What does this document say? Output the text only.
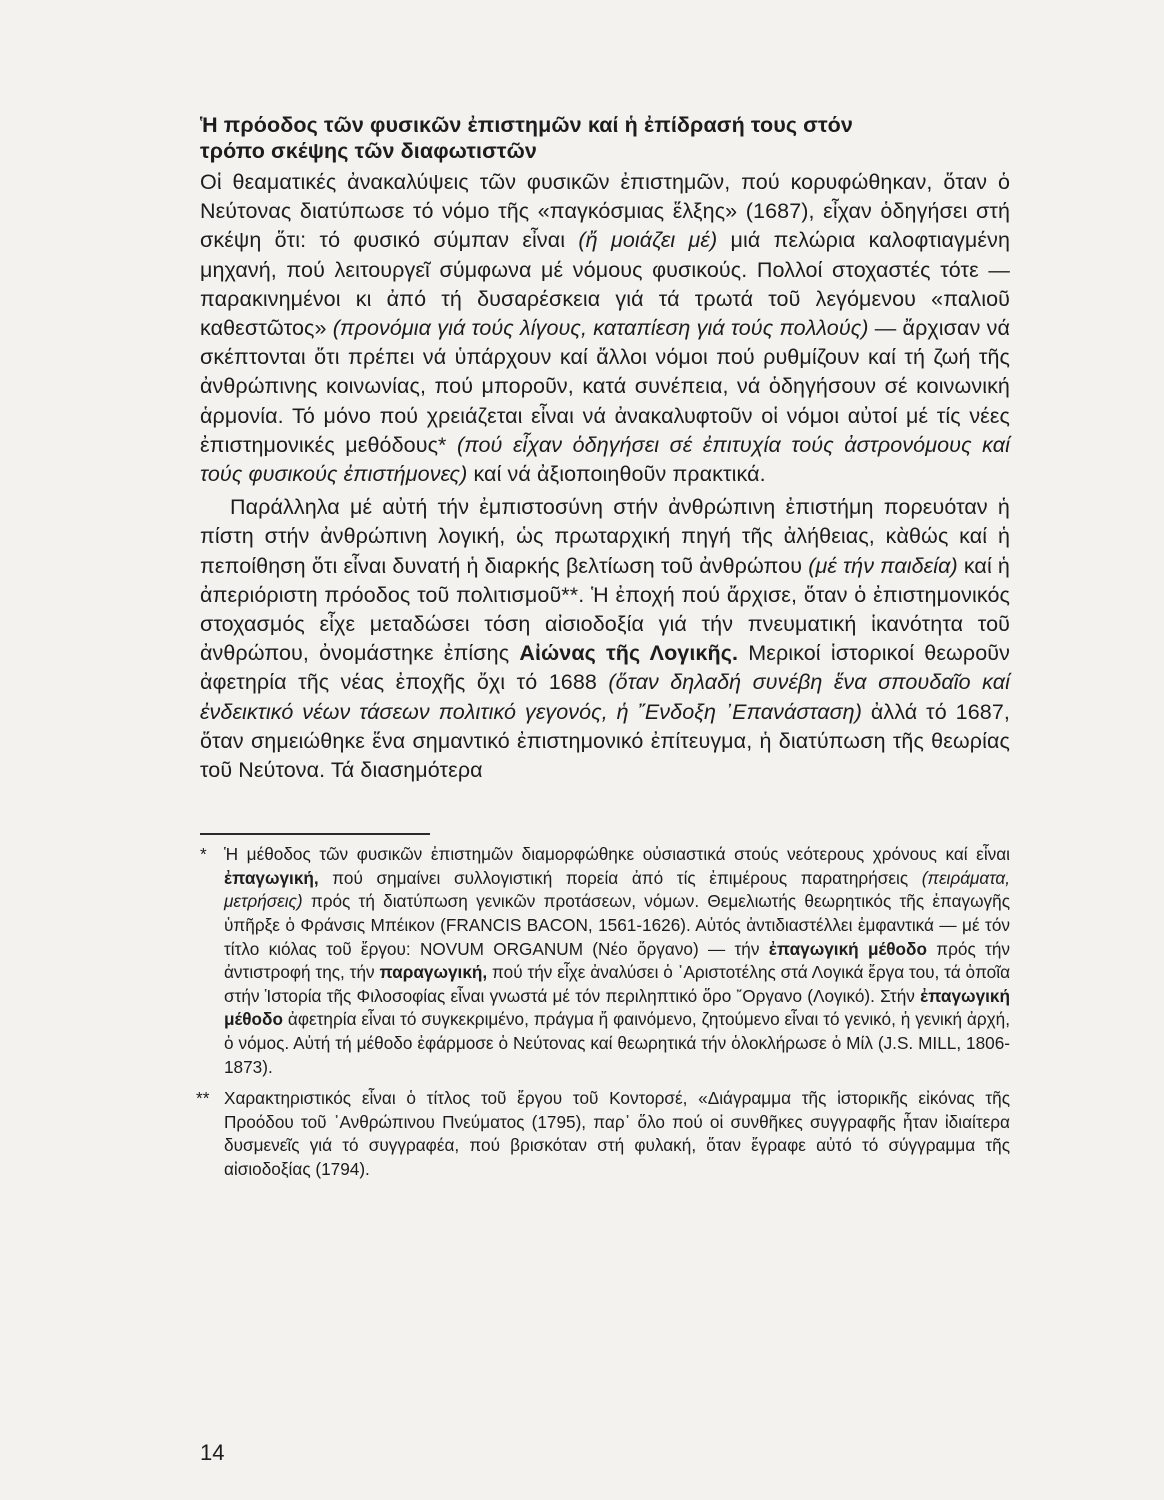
Ἡ πρόοδος τῶν φυσικῶν ἐπιστημῶν καί ἡ ἐπίδρασή τους στόν
τρόπο σκέψης τῶν διαφωτιστῶν

Οἱ θεαματικές ἀνακαλύψεις τῶν φυσικῶν ἐπιστημῶν, πού κορυφώθηκαν, ὅταν ὁ Νεύτονας διατύπωσε τό νόμο τῆς «παγκόσμιας ἕλξης» (1687), εἶχαν ὁδηγήσει στή σκέψη ὅτι: τό φυσικό σύμπαν εἶναι (ἤ μοιάζει μέ) μιά πελώρια καλοφτιαγμένη μηχανή, πού λειτουργεῖ σύμφωνα μέ νόμους φυσικούς. Πολλοί στοχαστές τότε — παρακινημένοι κι ἀπό τή δυσαρέσκεια γιά τά τρωτά τοῦ λεγόμενου «παλιοῦ καθεστῶτος» (προνόμια γιά τούς λίγους, καταπίεση γιά τούς πολλούς) — ἄρχισαν νά σκέπτονται ὅτι πρέπει νά ὑπάρχουν καί ἄλλοι νόμοι πού ρυθμίζουν καί τή ζωή τῆς ἀνθρώπινης κοινωνίας, πού μποροῦν, κατά συνέπεια, νά ὁδηγήσουν σέ κοινωνική ἁρμονία. Τό μόνο πού χρειάζεται εἶναι νά ἀνακαλυφτοῦν οἱ νόμοι αὐτοί μέ τίς νέες ἐπιστημονικές μεθόδους* (πού εἶχαν ὁδηγήσει σέ ἐπιτυχία τούς ἀστρονόμους καί τούς φυσικούς ἐπιστήμονες) καί νά ἀξιοποιηθοῦν πρακτικά.

Παράλληλα μέ αὐτή τήν ἐμπιστοσύνη στήν ἀνθρώπινη ἐπιστήμη πορευόταν ἡ πίστη στήν ἀνθρώπινη λογική, ὡς πρωταρχική πηγή τῆς ἀλήθειας, κὰθώς καί ἡ πεποίθηση ὅτι εἶναι δυνατή ἡ διαρκής βελτίωση τοῦ ἀνθρώπου (μέ τήν παιδεία) καί ἡ ἀπεριόριστη πρόοδος τοῦ πολιτισμοῦ**. Ἡ ἐποχή πού ἄρχισε, ὅταν ὁ ἐπιστημονικός στοχασμός εἶχε μεταδώσει τόση αἰσιοδοξία γιά τήν πνευματική ἱκανότητα τοῦ ἀνθρώπου, ὀνομάστηκε ἐπίσης Αἰώνας τῆς Λογικῆς. Μερικοί ἱστορικοί θεωροῦν ἀφετηρία τῆς νέας ἐποχῆς ὄχι τό 1688 (ὅταν δηλαδή συνέβη ἕνα σπουδαῖο καί ἐνδεικτικό νέων τάσεων πολιτικό γεγονός, ἡ ῎Ενδοξη ᾿Επανάσταση) ἀλλά τό 1687, ὅταν σημειώθηκε ἕνα σημαντικό ἐπιστημονικό ἐπίτευγμα, ἡ διατύπωση τῆς θεωρίας τοῦ Νεύτονα. Τά διασημότερα

* Ἡ μέθοδος τῶν φυσικῶν ἐπιστημῶν διαμορφώθηκε οὐσιαστικά στούς νεότερους χρόνους καί εἶναι ἐπαγωγική, πού σημαίνει συλλογιστική πορεία ἀπό τίς ἐπιμέρους παρατηρήσεις (πειράματα, μετρήσεις) πρός τή διατύπωση γενικῶν προτάσεων, νόμων. Θεμελιωτής θεωρητικός τῆς ἐπαγωγῆς ὑπῆρξε ὁ Φράνσις Μπέικον (FRANCIS BACON, 1561-1626). Αὐτός ἀντιδιαστέλλει ἐμφαντικά — μέ τόν τίτλο κιόλας τοῦ ἔργου: NOVUM ORGANUM (Νέο ὄργανο) — τήν ἐπαγωγική μέθοδο πρός τήν ἀντιστροφή της, τήν παραγωγική, πού τήν εἶχε ἀναλύσει ὁ ᾿Αριστοτέλης στά Λογικά ἔργα του, τά ὁποῖα στήν Ἱστορία τῆς Φιλοσοφίας εἶναι γνωστά μέ τόν περιληπτικό ὅρο ῎Οργανο (Λογικό). Στήν ἐπαγωγική μέθοδο ἀφετηρία εἶναι τό συγκεκριμένο, πράγμα ἤ φαινόμενο, ζητούμενο εἶναι τό γενικό, ἡ γενική ἀρχή, ὁ νόμος. Αὐτή τή μέθοδο ἐφάρμοσε ὁ Νεύτονας καί θεωρητικά τήν ὁλοκλήρωσε ὁ Μίλ (J.S. MILL, 1806-1873).

** Χαρακτηριστικός εἶναι ὁ τίτλος τοῦ ἔργου τοῦ Κοντορσέ, «Διάγραμμα τῆς ἱστορικῆς εἰκόνας τῆς Προόδου τοῦ ᾿Ανθρώπινου Πνεύματος (1795), παρ᾿ ὅλο πού οἱ συνθῆκες συγγραφῆς ἦταν ἰδιαίτερα δυσμενεῖς γιά τό συγγραφέα, πού βρισκόταν στή φυλακή, ὅταν ἔγραφε αὐτό τό σύγγραμμα τῆς αἰσιοδοξίας (1794).

14
